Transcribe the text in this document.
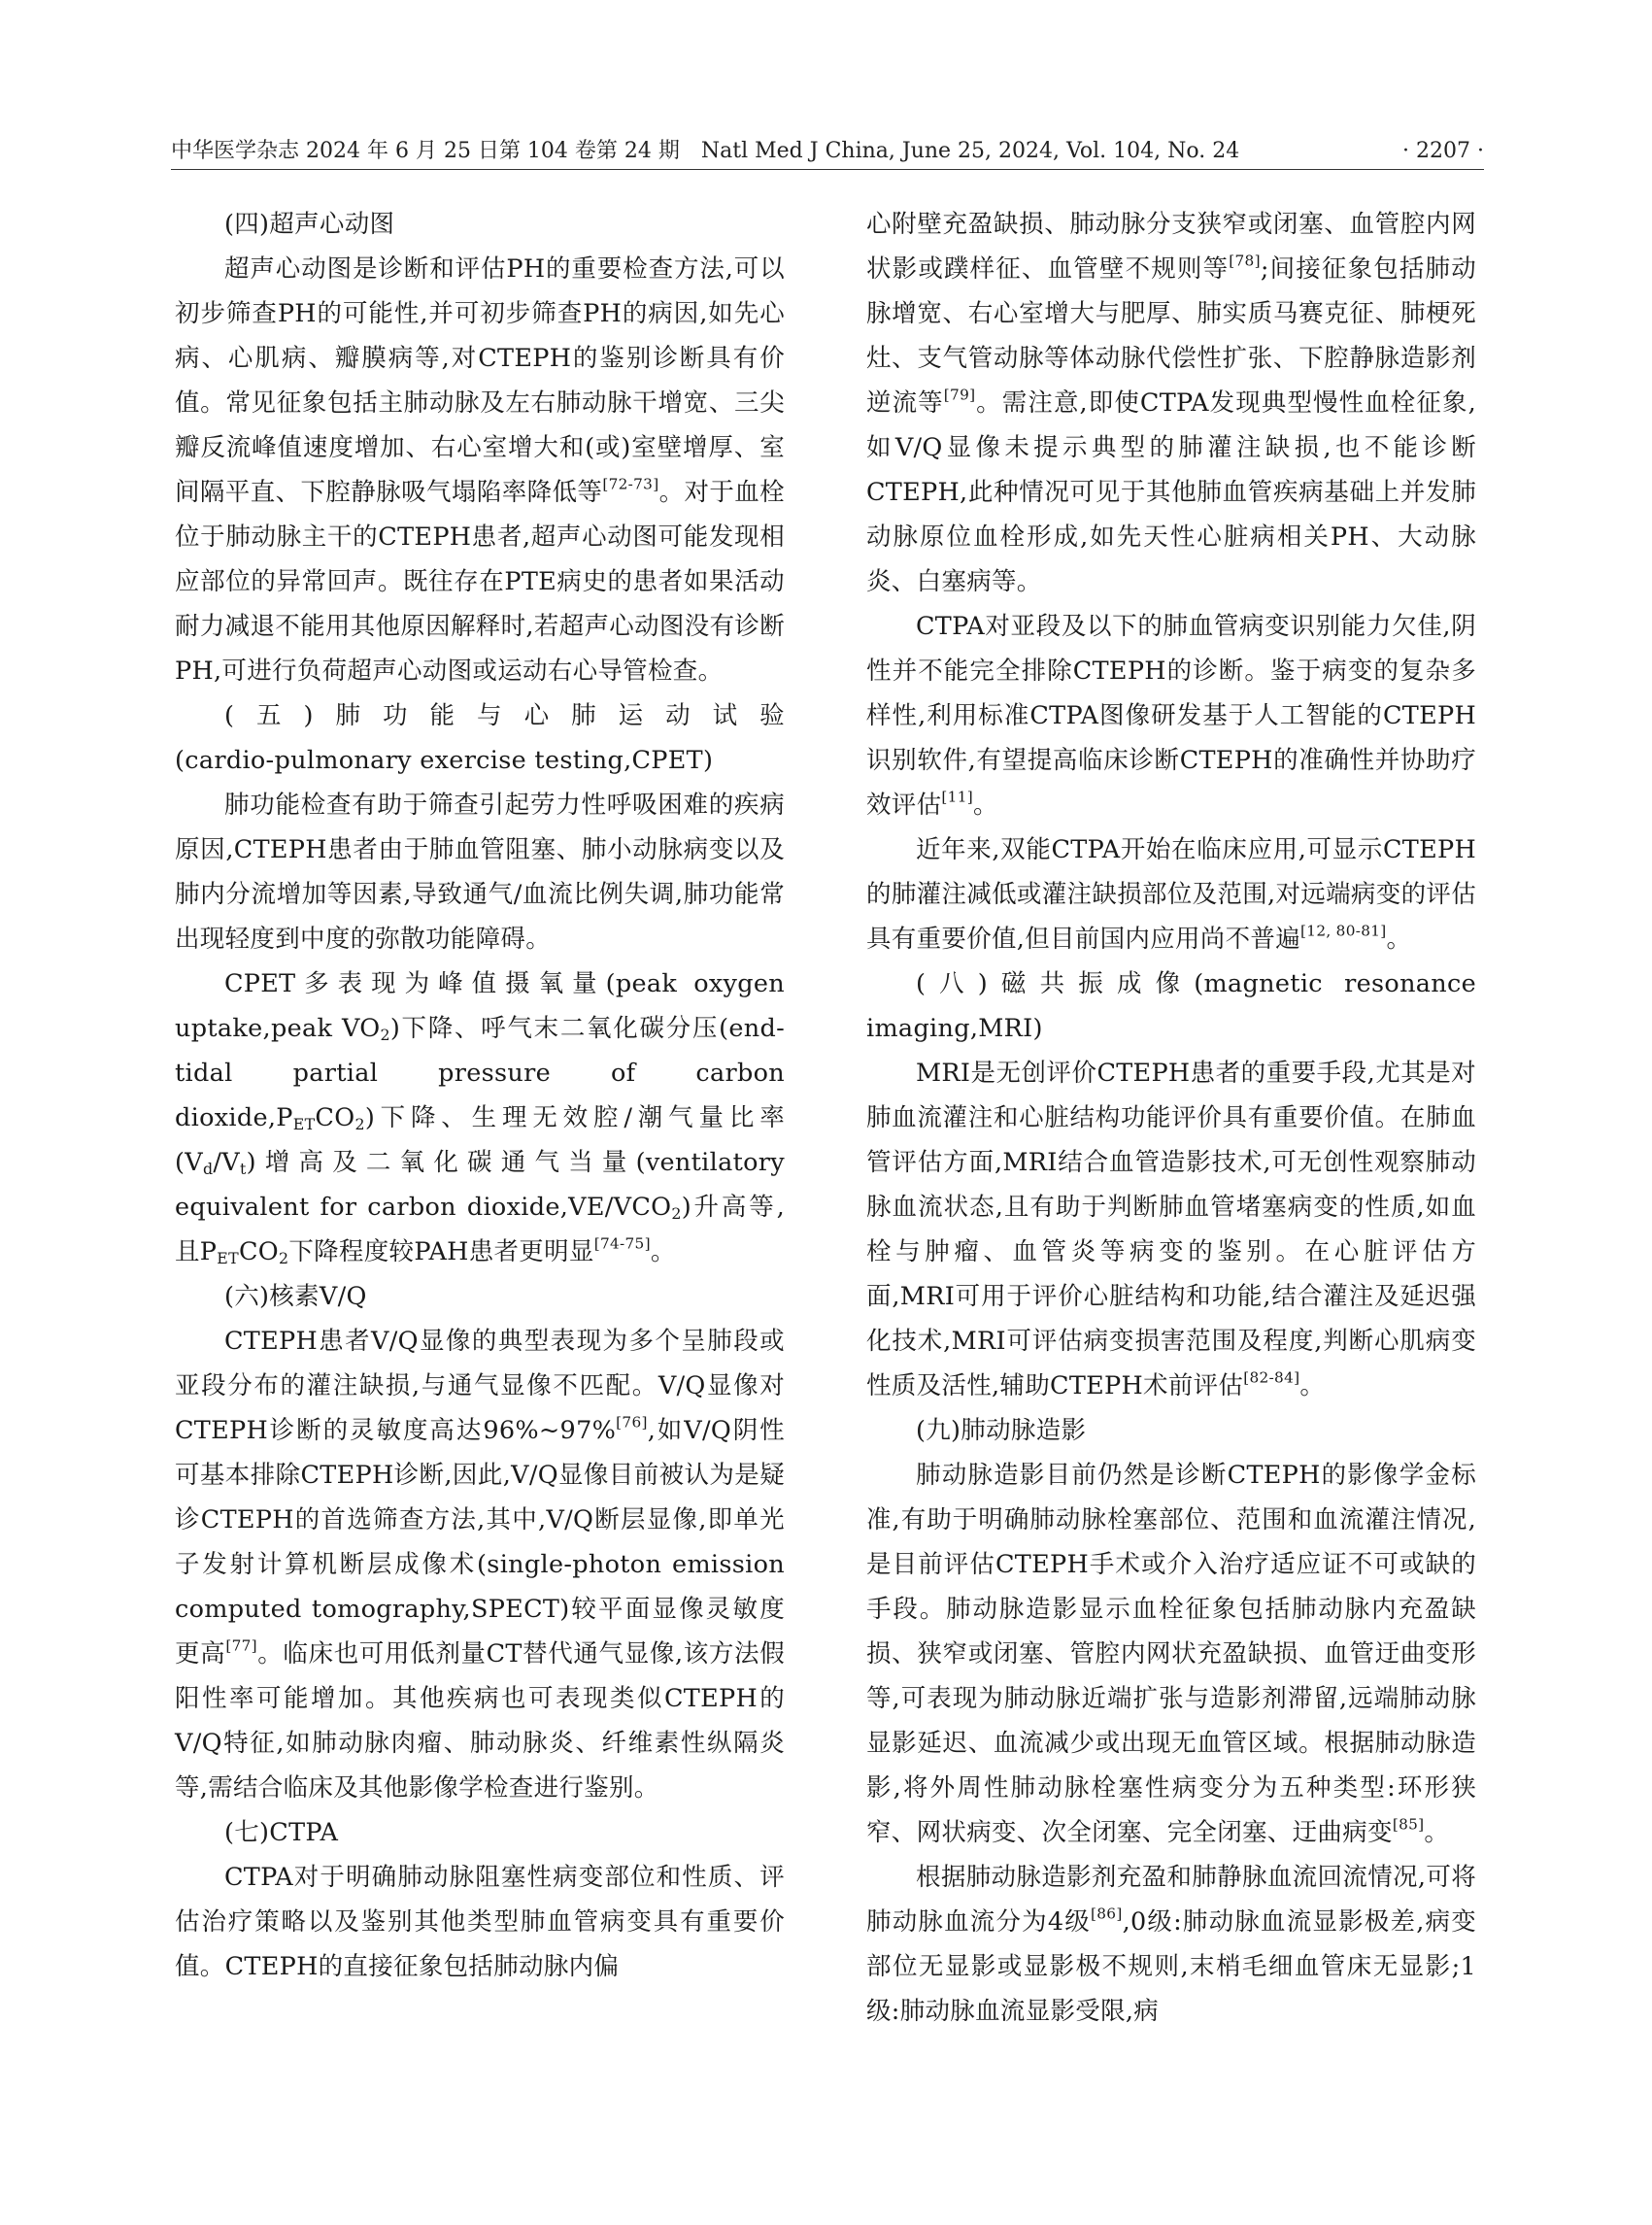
中华医学杂志 2024 年 6 月 25 日第 104 卷第 24 期　Natl Med J China, June 25, 2024, Vol. 104, No. 24	· 2207 ·

(四)超声心动图

超声心动图是诊断和评估PH的重要检查方法,可以初步筛查PH的可能性,并可初步筛查PH的病因,如先心病、心肌病、瓣膜病等,对CTEPH的鉴别诊断具有价值。常见征象包括主肺动脉及左右肺动脉干增宽、三尖瓣反流峰值速度增加、右心室增大和(或)室壁增厚、室间隔平直、下腔静脉吸气塌陷率降低等[72-73]。对于血栓位于肺动脉主干的CTEPH患者,超声心动图可能发现相应部位的异常回声。既往存在PTE病史的患者如果活动耐力减退不能用其他原因解释时,若超声心动图没有诊断PH,可进行负荷超声心动图或运动右心导管检查。

(五)肺功能与心肺运动试验

(cardio-pulmonary exercise testing,CPET)

肺功能检查有助于筛查引起劳力性呼吸困难的疾病原因,CTEPH患者由于肺血管阻塞、肺小动脉病变以及肺内分流增加等因素,导致通气/血流比例失调,肺功能常出现轻度到中度的弥散功能障碍。

CPET多表现为峰值摄氧量(peak oxygen uptake,peak $VO_2$)下降、呼气末二氧化碳分压(end-tidal partial pressure of carbon $dioxide,P_{ET}CO_2$)下降、生理无效腔/潮气量比率$(V_d/V_t)$增高及二氧化碳通气当量(ventilatory equivalent for carbon $dioxide,VE/VCO_2$)升高等,且$P_{ET}CO_2$下降程度较PAH患者更明显[74-75]。

(六)核素V/Q

CTEPH患者V/Q显像的典型表现为多个呈肺段或亚段分布的灌注缺损,与通气显像不匹配。V/Q显像对CTEPH诊断的灵敏度高达96%~97%[76],如V/Q阴性可基本排除CTEPH诊断,因此,V/Q显像目前被认为是疑诊CTEPH的首选筛查方法,其中,V/Q断层显像,即单光子发射计算机断层成像术(single-photon emission computed tomography,SPECT)较平面显像灵敏度更高[77]。临床也可用低剂量CT替代通气显像,该方法假阳性率可能增加。其他疾病也可表现类似CTEPH的V/Q特征,如肺动脉肉瘤、肺动脉炎、纤维素性纵隔炎等,需结合临床及其他影像学检查进行鉴别。

(七)CTPA

CTPA对于明确肺动脉阻塞性病变部位和性质、评估治疗策略以及鉴别其他类型肺血管病变具有重要价值。CTEPH的直接征象包括肺动脉内偏

心附壁充盈缺损、肺动脉分支狭窄或闭塞、血管腔内网状影或蹼样征、血管壁不规则等[78];间接征象包括肺动脉增宽、右心室增大与肥厚、肺实质马赛克征、肺梗死灶、支气管动脉等体动脉代偿性扩张、下腔静脉造影剂逆流等[79]。需注意,即使CTPA发现典型慢性血栓征象,如V/Q显像未提示典型的肺灌注缺损,也不能诊断CTEPH,此种情况可见于其他肺血管疾病基础上并发肺动脉原位血栓形成,如先天性心脏病相关PH、大动脉炎、白塞病等。

CTPA对亚段及以下的肺血管病变识别能力欠佳,阴性并不能完全排除CTEPH的诊断。鉴于病变的复杂多样性,利用标准CTPA图像研发基于人工智能的CTEPH识别软件,有望提高临床诊断CTEPH的准确性并协助疗效评估[11]。

近年来,双能CTPA开始在临床应用,可显示CTEPH的肺灌注减低或灌注缺损部位及范围,对远端病变的评估具有重要价值,但目前国内应用尚不普遍[12, 80-81]。

(八)磁共振成像(magnetic resonance imaging,MRI)

MRI是无创评价CTEPH患者的重要手段,尤其是对肺血流灌注和心脏结构功能评价具有重要价值。在肺血管评估方面,MRI结合血管造影技术,可无创性观察肺动脉血流状态,且有助于判断肺血管堵塞病变的性质,如血栓与肿瘤、血管炎等病变的鉴别。在心脏评估方面,MRI可用于评价心脏结构和功能,结合灌注及延迟强化技术,MRI可评估病变损害范围及程度,判断心肌病变性质及活性,辅助CTEPH术前评估[82-84]。

(九)肺动脉造影

肺动脉造影目前仍然是诊断CTEPH的影像学金标准,有助于明确肺动脉栓塞部位、范围和血流灌注情况,是目前评估CTEPH手术或介入治疗适应证不可或缺的手段。肺动脉造影显示血栓征象包括肺动脉内充盈缺损、狭窄或闭塞、管腔内网状充盈缺损、血管迂曲变形等,可表现为肺动脉近端扩张与造影剂滞留,远端肺动脉显影延迟、血流减少或出现无血管区域。根据肺动脉造影,将外周性肺动脉栓塞性病变分为五种类型:环形狭窄、网状病变、次全闭塞、完全闭塞、迂曲病变[85]。

根据肺动脉造影剂充盈和肺静脉血流回流情况,可将肺动脉血流分为4级[86],0级:肺动脉血流显影极差,病变部位无显影或显影极不规则,末梢毛细血管床无显影;1级:肺动脉血流显影受限,病
